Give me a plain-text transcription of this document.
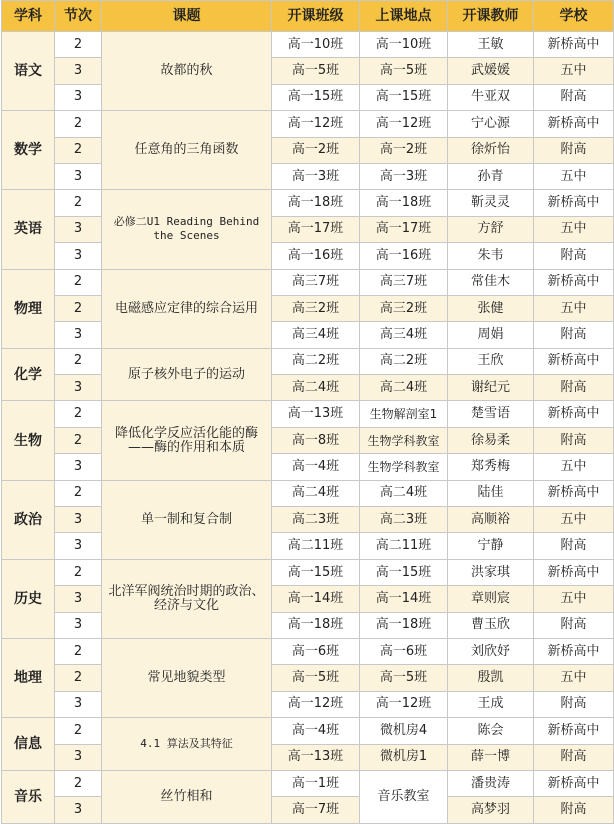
学科	节次	课题	开课班级	上课地点	开课教师	学校
语文	2	故都的秋	高一10班	高一10班	王敏	新桥高中
	3		高一5班	高一5班	武媛媛	五中
	3		高一15班	高一15班	牛亚双	附高
数学	2	任意角的三角函数	高一12班	高一12班	宁心源	新桥高中
	2		高一2班	高一2班	徐炘怡	附高
	3		高一3班	高一3班	孙青	五中
英语	2	必修二U1 Reading Behind the Scenes	高一18班	高一18班	靳灵灵	新桥高中
	3		高一17班	高一17班	方舒	五中
	3		高一16班	高一16班	朱韦	附高
物理	2	电磁感应定律的综合运用	高三7班	高三7班	常佳木	新桥高中
	2		高三2班	高三2班	张健	五中
	3		高三4班	高三4班	周娟	附高
化学	2	原子核外电子的运动	高二2班	高二2班	王欣	新桥高中
	3		高二4班	高二4班	谢纪元	附高
生物	2	降低化学反应活化能的酶——酶的作用和本质	高一13班	生物解剖室1	楚雪语	新桥高中
	2		高一8班	生物学科教室	徐易柔	附高
	3		高一4班	生物学科教室	郑秀梅	五中
政治	2	单一制和复合制	高二4班	高二4班	陆佳	新桥高中
	3		高二3班	高二3班	高顺裕	五中
	3		高二11班	高二11班	宁静	附高
历史	2	北洋军阀统治时期的政治、经济与文化	高一15班	高一15班	洪家琪	新桥高中
	3		高一14班	高一14班	章则宸	五中
	3		高一18班	高一18班	曹玉欣	附高
地理	2	常见地貌类型	高一6班	高一6班	刘欣妤	新桥高中
	2		高一5班	高一5班	殷凯	五中
	3		高一12班	高一12班	王成	附高
信息	2	4.1 算法及其特征	高一4班	微机房4	陈会	新桥高中
	3		高一13班	微机房1	薛一博	附高
音乐	2	丝竹相和	高一1班	音乐教室	潘贵涛	新桥高中
	3		高一7班		高梦羽	附高
